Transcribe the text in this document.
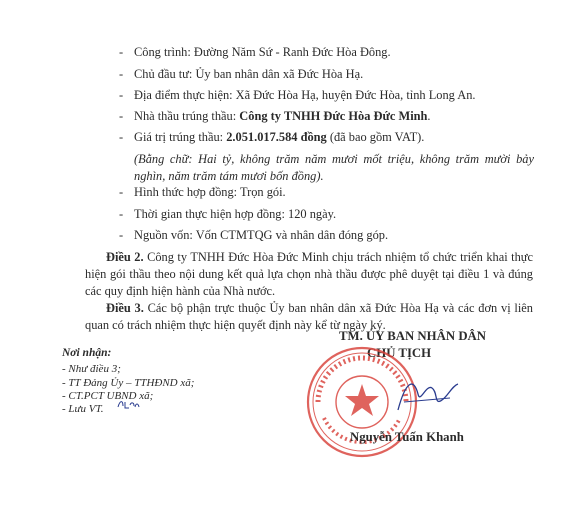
- Công trình: Đường Năm Sứ - Ranh Đức Hòa Đông.
- Chủ đầu tư: Ủy ban nhân dân xã Đức Hòa Hạ.
- Địa điểm thực hiện: Xã Đức Hòa Hạ, huyện Đức Hòa, tỉnh Long An.
- Nhà thầu trúng thầu: Công ty TNHH Đức Hòa Đức Minh.
- Giá trị trúng thầu: 2.051.017.584 đồng (đã bao gồm VAT).
(Bằng chữ: Hai tỷ, không trăm năm mươi mốt triệu, không trăm mười bảy nghìn, năm trăm tám mươi bốn đồng).
- Hình thức hợp đồng: Trọn gói.
- Thời gian thực hiện hợp đồng: 120 ngày.
- Nguồn vốn: Vốn CTMTQG và nhân dân đóng góp.
Điều 2. Công ty TNHH Đức Hòa Đức Minh chịu trách nhiệm tổ chức triển khai thực hiện gói thầu theo nội dung kết quả lựa chọn nhà thầu được phê duyệt tại điều 1 và đúng các quy định hiện hành của Nhà nước.
Điều 3. Các bộ phận trực thuộc Ủy ban nhân dân xã Đức Hòa Hạ và các đơn vị liên quan có trách nhiệm thực hiện quyết định này kể từ ngày ký.
Nơi nhận:
- Như điều 3;
- TT Đảng Ủy – TTHĐND xã;
- CT.PCT UBND xã;
- Lưu VT.
TM. ỦY BAN NHÂN DÂN
CHỦ TỊCH
Nguyễn Tuấn Khanh
